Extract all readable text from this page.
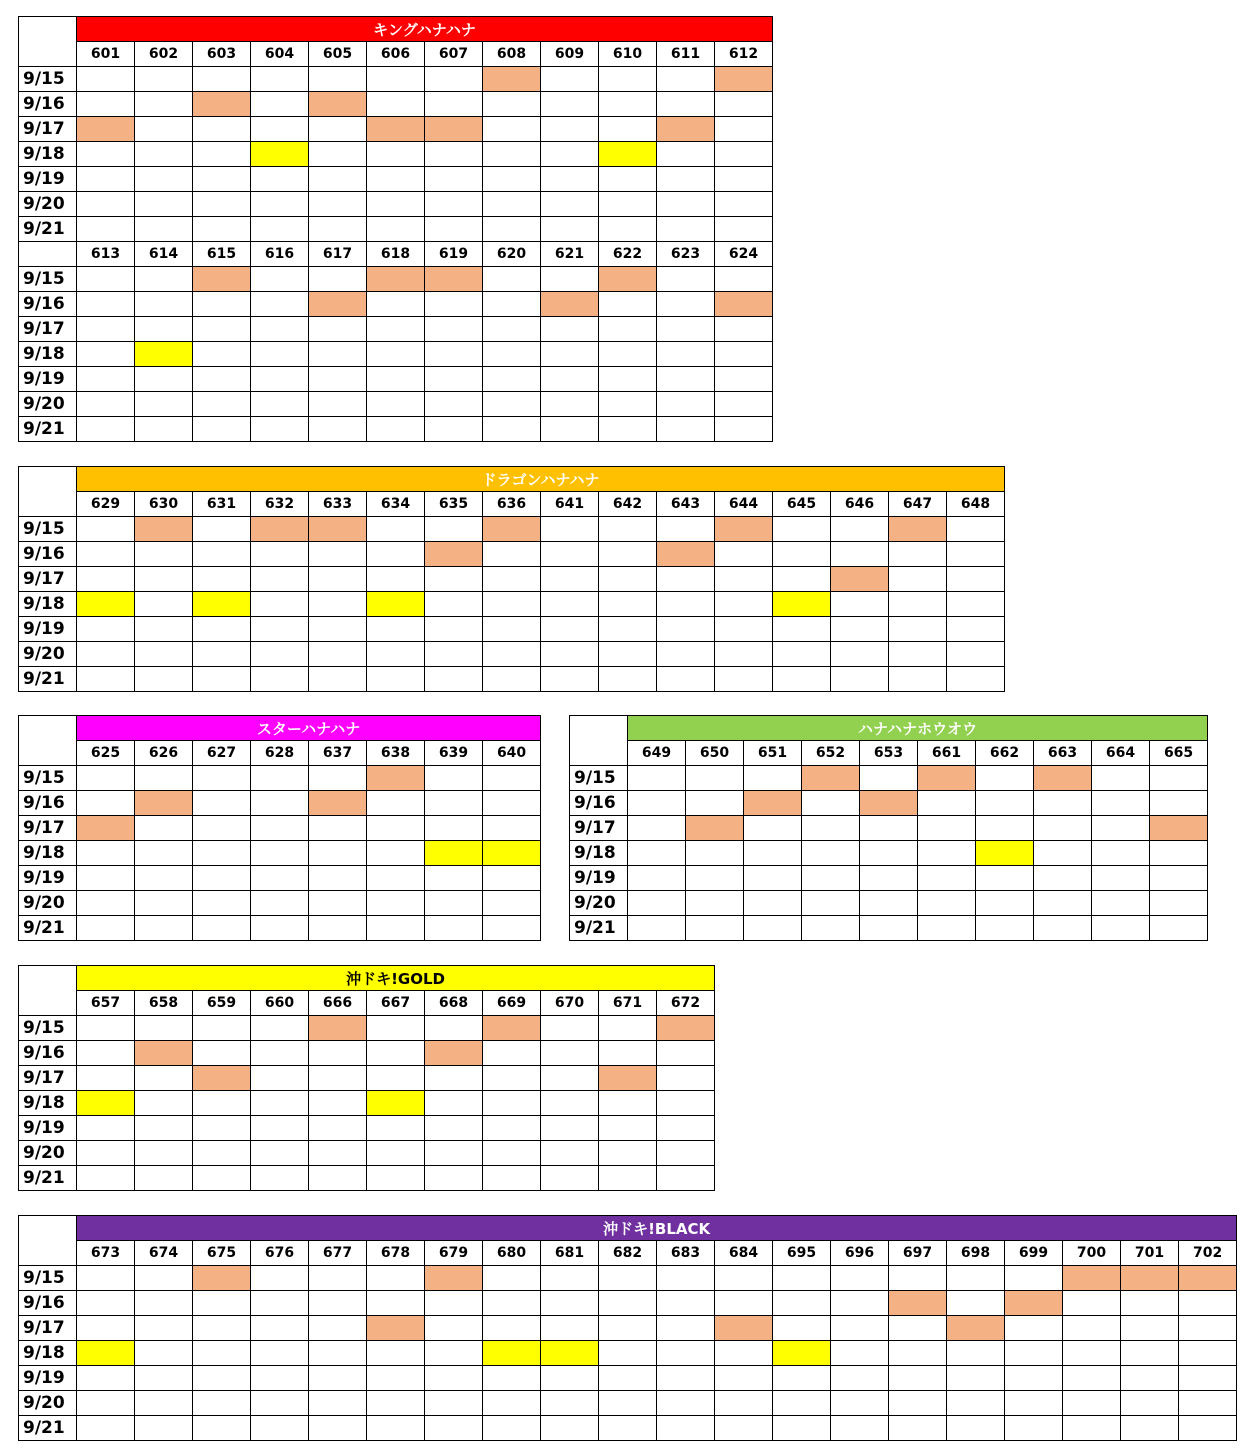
	キングハナハナ											
	601	602	603	604	605	606	607	608	609	610	611	612
9/15												
9/16												
9/17												
9/18												
9/19												
9/20												
9/21												
	613	614	615	616	617	618	619	620	621	622	623	624
9/15												
9/16												
9/17												
9/18												
9/19												
9/20												
9/21												
	ドラゴンハナハナ															
	629	630	631	632	633	634	635	636	641	642	643	644	645	646	647	648
9/15																
9/16																
9/17																
9/18																
9/19																
9/20																
9/21																
	スターハナハナ							
	625	626	627	628	637	638	639	640
9/15								
9/16								
9/17								
9/18								
9/19								
9/20								
9/21								
	ハナハナホウオウ									
	649	650	651	652	653	661	662	663	664	665
9/15										
9/16										
9/17										
9/18										
9/19										
9/20										
9/21										
	沖ドキ!GOLD										
	657	658	659	660	666	667	668	669	670	671	672
9/15											
9/16											
9/17											
9/18											
9/19											
9/20											
9/21											
	沖ドキ!BLACK																			
	673	674	675	676	677	678	679	680	681	682	683	684	695	696	697	698	699	700	701	702
9/15																				
9/16																				
9/17																				
9/18																				
9/19																				
9/20																				
9/21																				
